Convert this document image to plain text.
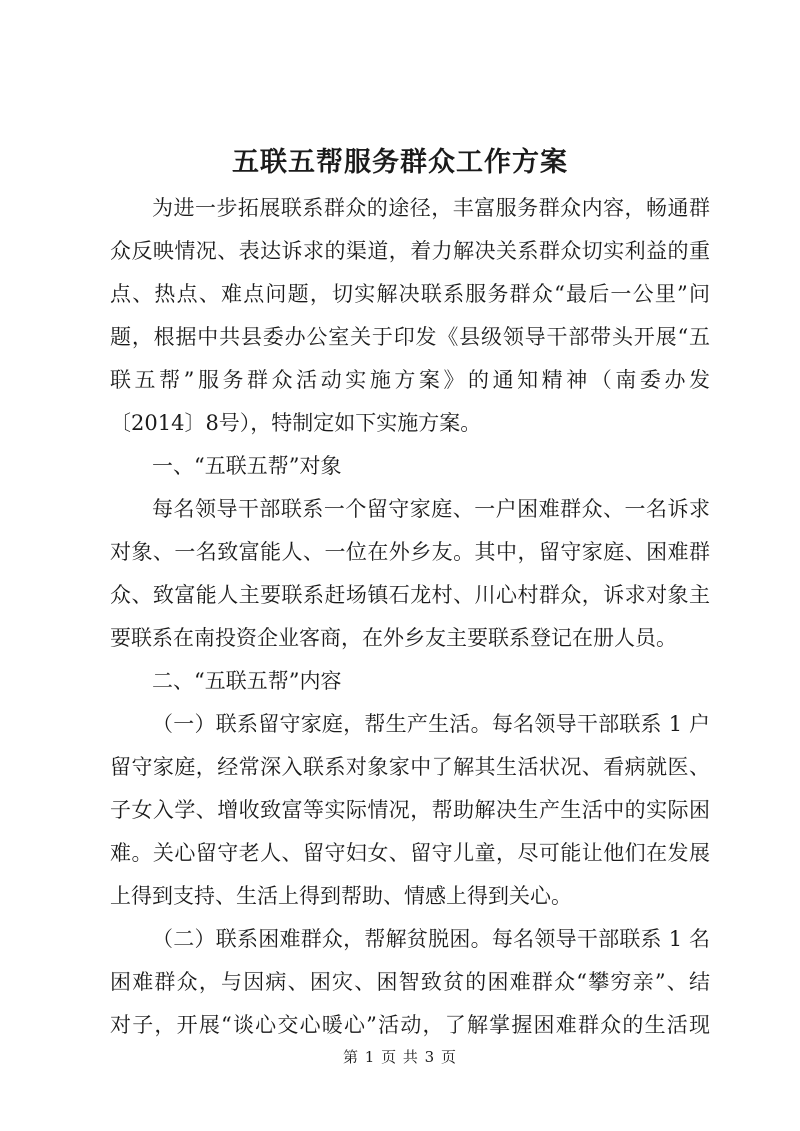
五联五帮服务群众工作方案
为进一步拓展联系群众的途径，丰富服务群众内容，畅通群
众反映情况、表达诉求的渠道，着力解决关系群众切实利益的重
点、热点、难点问题，切实解决联系服务群众“最后一公里”问
题，根据中共县委办公室关于印发《县级领导干部带头开展“五
联五帮”服务群众活动实施方案》的通知精神（南委办发
〔2014〕8号），特制定如下实施方案。
一、“五联五帮”对象
每名领导干部联系一个留守家庭、一户困难群众、一名诉求
对象、一名致富能人、一位在外乡友。其中，留守家庭、困难群
众、致富能人主要联系赶场镇石龙村、川心村群众，诉求对象主
要联系在南投资企业客商，在外乡友主要联系登记在册人员。
二、“五联五帮”内容
（一）联系留守家庭，帮生产生活。每名领导干部联系 1 户
留守家庭，经常深入联系对象家中了解其生活状况、看病就医、
子女入学、增收致富等实际情况，帮助解决生产生活中的实际困
难。关心留守老人、留守妇女、留守儿童，尽可能让他们在发展
上得到支持、生活上得到帮助、情感上得到关心。
（二）联系困难群众，帮解贫脱困。每名领导干部联系 1 名
困难群众，与因病、困灾、困智致贫的困难群众“攀穷亲”、结
对子，开展“谈心交心暖心”活动，了解掌握困难群众的生活现
第 1 页 共 3 页
